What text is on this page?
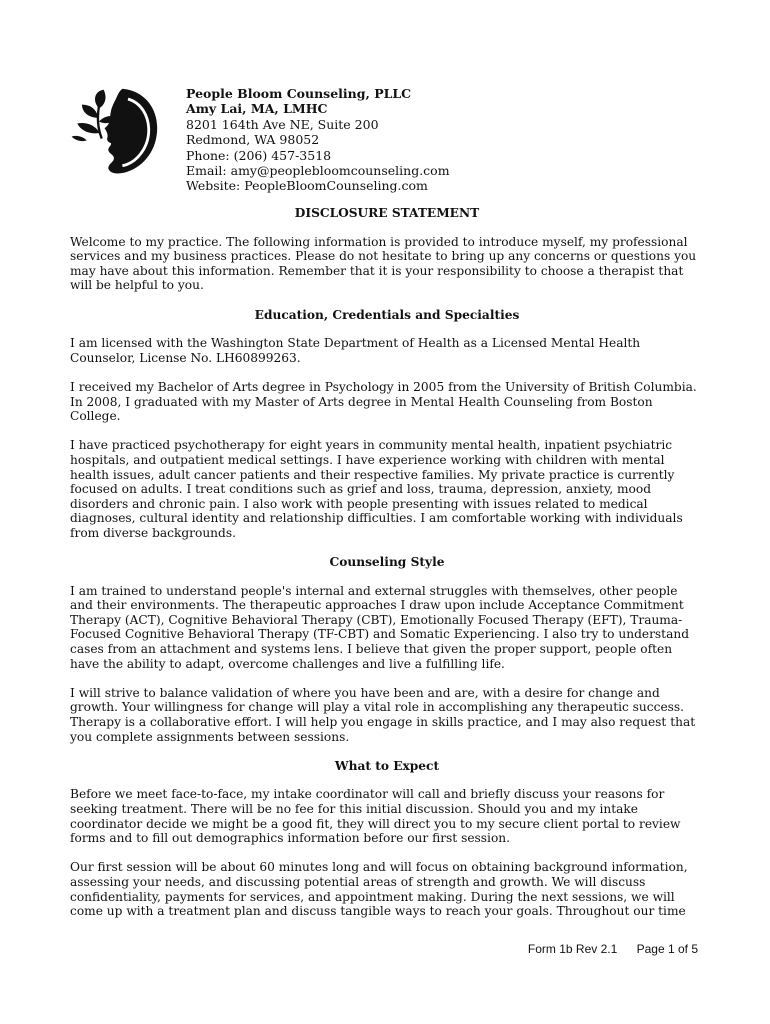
People Bloom Counseling, PLLC
Amy Lai, MA, LMHC
8201 164th Ave NE, Suite 200
Redmond, WA 98052
Phone: (206) 457-3518
Email: amy@peoplebloomcounseling.com
Website: PeopleBloomCounseling.com
DISCLOSURE STATEMENT

Welcome to my practice. The following information is provided to introduce myself, my professional services and my business practices. Please do not hesitate to bring up any concerns or questions you may have about this information. Remember that it is your responsibility to choose a therapist that will be helpful to you.

Education, Credentials and Specialties

I am licensed with the Washington State Department of Health as a Licensed Mental Health Counselor, License No. LH60899263.

I received my Bachelor of Arts degree in Psychology in 2005 from the University of British Columbia. In 2008, I graduated with my Master of Arts degree in Mental Health Counseling from Boston College.

I have practiced psychotherapy for eight years in community mental health, inpatient psychiatric hospitals, and outpatient medical settings. I have experience working with children with mental health issues, adult cancer patients and their respective families. My private practice is currently focused on adults. I treat conditions such as grief and loss, trauma, depression, anxiety, mood disorders and chronic pain. I also work with people presenting with issues related to medical diagnoses, cultural identity and relationship difficulties. I am comfortable working with individuals from diverse backgrounds.

Counseling Style

I am trained to understand people's internal and external struggles with themselves, other people and their environments. The therapeutic approaches I draw upon include Acceptance Commitment Therapy (ACT), Cognitive Behavioral Therapy (CBT), Emotionally Focused Therapy (EFT), Trauma-Focused Cognitive Behavioral Therapy (TF-CBT) and Somatic Experiencing. I also try to understand cases from an attachment and systems lens. I believe that given the proper support, people often have the ability to adapt, overcome challenges and live a fulfilling life.

I will strive to balance validation of where you have been and are, with a desire for change and growth. Your willingness for change will play a vital role in accomplishing any therapeutic success. Therapy is a collaborative effort. I will help you engage in skills practice, and I may also request that you complete assignments between sessions.

What to Expect

Before we meet face-to-face, my intake coordinator will call and briefly discuss your reasons for seeking treatment. There will be no fee for this initial discussion. Should you and my intake coordinator decide we might be a good fit, they will direct you to my secure client portal to review forms and to fill out demographics information before our first session.

Our first session will be about 60 minutes long and will focus on obtaining background information, assessing your needs, and discussing potential areas of strength and growth. We will discuss confidentiality, payments for services, and appointment making. During the next sessions, we will come up with a treatment plan and discuss tangible ways to reach your goals. Throughout our time

Form 1b Rev 2.1 Page 1 of 5
